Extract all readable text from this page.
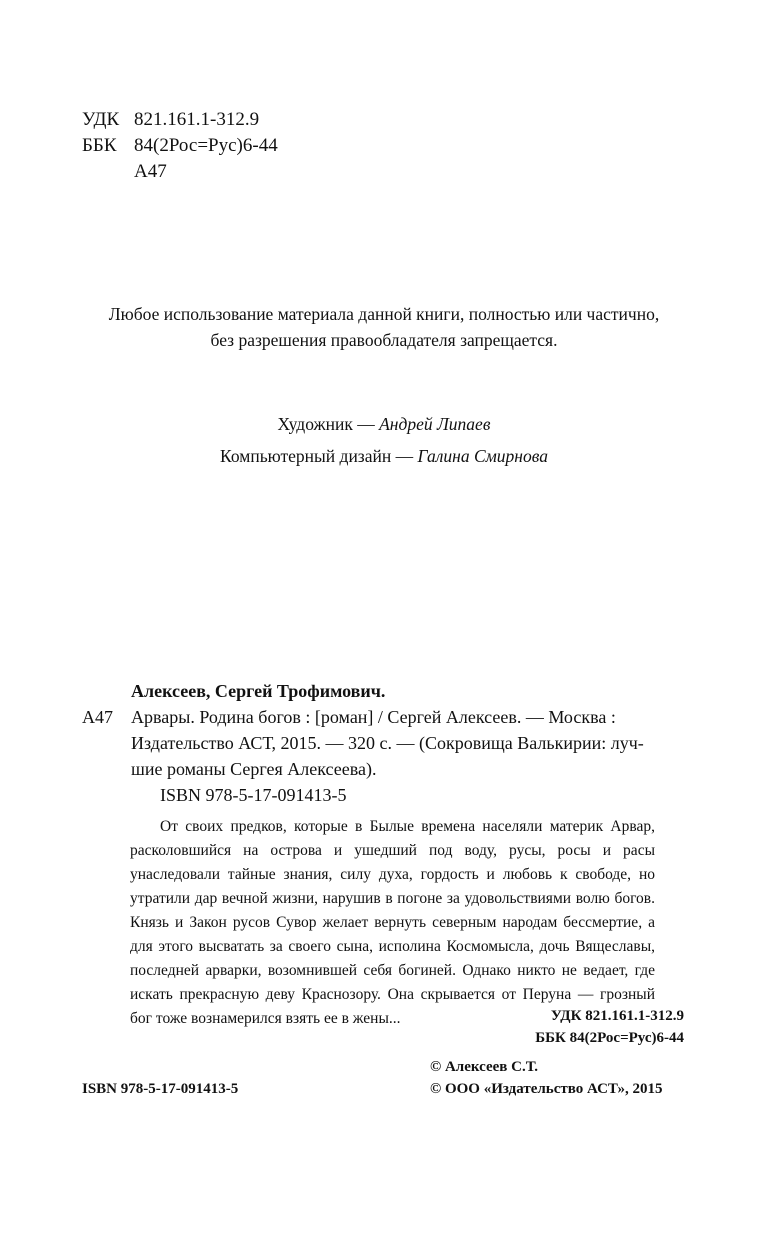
УДК 821.161.1-312.9
ББК 84(2Рос=Рус)6-44
А47
Любое использование материала данной книги, полностью или частично,
без разрешения правообладателя запрещается.
Художник — Андрей Липаев
Компьютерный дизайн — Галина Смирнова
Алексеев, Сергей Трофимович.
А47 Арвары. Родина богов : [роман] / Сергей Алексеев. — Москва :
Издательство АСТ, 2015. — 320 с. — (Сокровища Валькирии: луч-
шие романы Сергея Алексеева).
ISBN 978-5-17-091413-5

От своих предков, которые в Былые времена населяли материк Арвар, расколовшийся на острова и ушедший под воду, русы, росы и расы унаследовали тайные знания, силу духа, гордость и любовь к свободе, но утратили дар вечной жизни, нарушив в погоне за удовольствиями волю богов. Князь и Закон русов Сувор желает вернуть северным народам бессмертие, а для этого высватать за своего сына, исполина Космомысла, дочь Вящеславы, последней арварки, возомнившей себя богиней. Однако никто не ведает, где искать прекрасную деву Краснозору. Она скрывается от Перуна — грозный бог тоже вознамерился взять ее в жены...	УДК 821.161.1-312.9
ББК 84(2Рос=Рус)6-44
ISBN 978-5-17-091413-5
© Алексеев С.Т.
© ООО «Издательство АСТ», 2015
